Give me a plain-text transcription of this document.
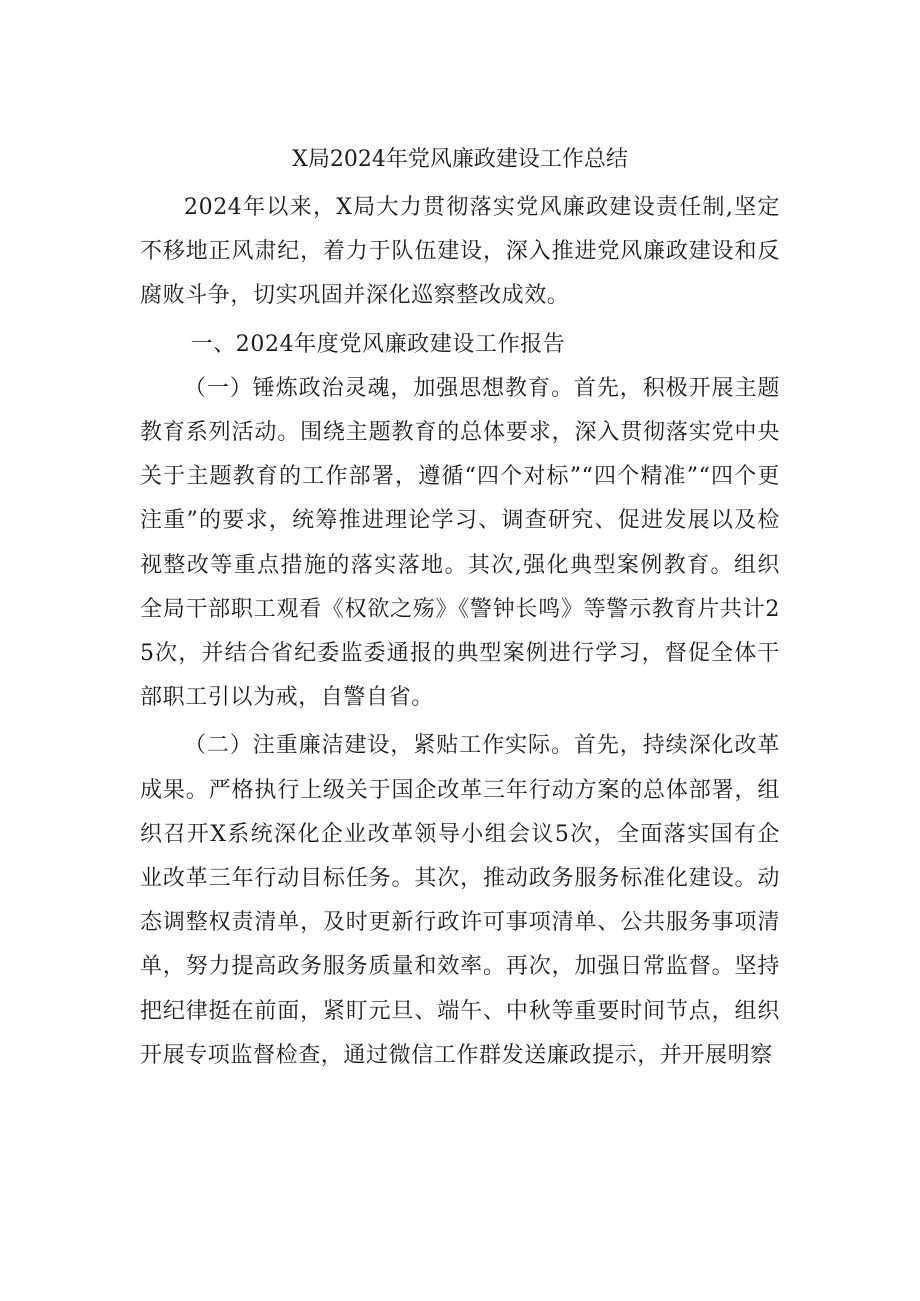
X局2024年党风廉政建设工作总结

2024年以来，X局大力贯彻落实党风廉政建设责任制,坚定不移地正风肃纪，着力于队伍建设，深入推进党风廉政建设和反腐败斗争，切实巩固并深化巡察整改成效。

一、2024年度党风廉政建设工作报告

（一）锤炼政治灵魂，加强思想教育。首先，积极开展主题教育系列活动。围绕主题教育的总体要求，深入贯彻落实党中央关于主题教育的工作部署，遵循“四个对标”“四个精准”“四个更注重”的要求，统筹推进理论学习、调查研究、促进发展以及检视整改等重点措施的落实落地。其次,强化典型案例教育。组织全局干部职工观看《权欲之殇》《警钟长鸣》等警示教育片共计25次，并结合省纪委监委通报的典型案例进行学习，督促全体干部职工引以为戒，自警自省。

（二）注重廉洁建设，紧贴工作实际。首先，持续深化改革成果。严格执行上级关于国企改革三年行动方案的总体部署，组织召开X系统深化企业改革领导小组会议5次，全面落实国有企业改革三年行动目标任务。其次，推动政务服务标准化建设。动态调整权责清单，及时更新行政许可事项清单、公共服务事项清单，努力提高政务服务质量和效率。再次，加强日常监督。坚持把纪律挺在前面，紧盯元旦、端午、中秋等重要时间节点，组织开展专项监督检查，通过微信工作群发送廉政提示，并开展明察
